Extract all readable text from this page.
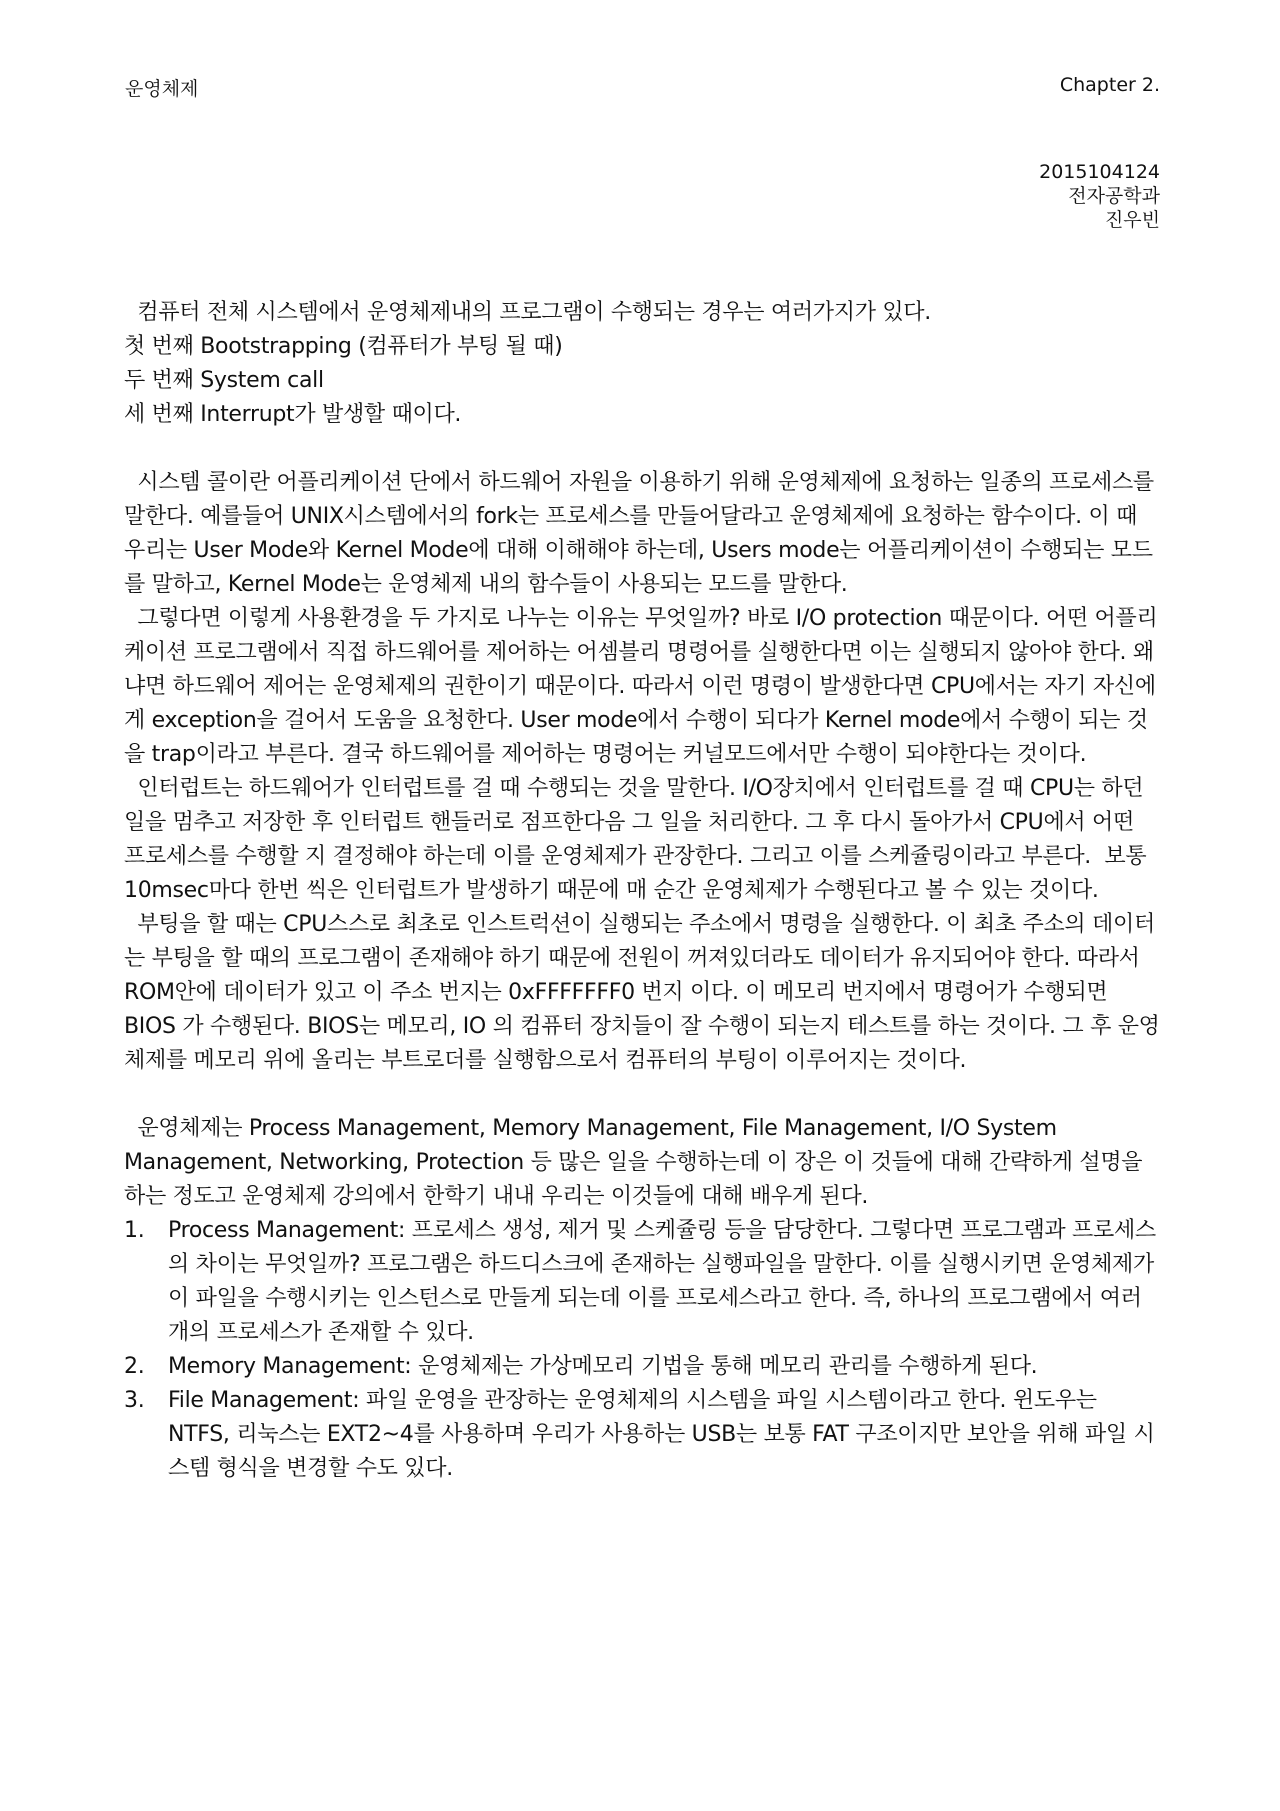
운영체제	Chapter 2.
2015104124
전자공학과
진우빈

컴퓨터 전체 시스템에서 운영체제내의 프로그램이 수행되는 경우는 여러가지가 있다.

첫 번째 Bootstrapping (컴퓨터가 부팅 될 때)

두 번째 System call

세 번째 Interrupt가 발생할 때이다.

시스템 콜이란 어플리케이션 단에서 하드웨어 자원을 이용하기 위해 운영체제에 요청하는 일종의 프로세스를 말한다. 예를들어 UNIX시스템에서의 fork는 프로세스를 만들어달라고 운영체제에 요청하는 함수이다. 이 때 우리는 User Mode와 Kernel Mode에 대해 이해해야 하는데, Users mode는 어플리케이션이 수행되는 모드를 말하고, Kernel Mode는 운영체제 내의 함수들이 사용되는 모드를 말한다.

그렇다면 이렇게 사용환경을 두 가지로 나누는 이유는 무엇일까? 바로 I/O protection 때문이다. 어떤 어플리케이션 프로그램에서 직접 하드웨어를 제어하는 어셈블리 명령어를 실행한다면 이는 실행되지 않아야 한다. 왜냐면 하드웨어 제어는 운영체제의 권한이기 때문이다. 따라서 이런 명령이 발생한다면 CPU에서는 자기 자신에게 exception을 걸어서 도움을 요청한다. User mode에서 수행이 되다가 Kernel mode에서 수행이 되는 것을 trap이라고 부른다. 결국 하드웨어를 제어하는 명령어는 커널모드에서만 수행이 되야한다는 것이다.

인터럽트는 하드웨어가 인터럽트를 걸 때 수행되는 것을 말한다. I/O장치에서 인터럽트를 걸 때 CPU는 하던일을 멈추고 저장한 후 인터럽트 핸들러로 점프한다음 그 일을 처리한다. 그 후 다시 돌아가서 CPU에서 어떤 프로세스를 수행할 지 결정해야 하는데 이를 운영체제가 관장한다. 그리고 이를 스케쥴링이라고 부른다.  보통 10msec마다 한번 씩은 인터럽트가 발생하기 때문에 매 순간 운영체제가 수행된다고 볼 수 있는 것이다.

부팅을 할 때는 CPU스스로 최초로 인스트럭션이 실행되는 주소에서 명령을 실행한다. 이 최초 주소의 데이터는 부팅을 할 때의 프로그램이 존재해야 하기 때문에 전원이 꺼져있더라도 데이터가 유지되어야 한다. 따라서 ROM안에 데이터가 있고 이 주소 번지는 0xFFFFFFF0 번지 이다. 이 메모리 번지에서 명령어가 수행되면 BIOS 가 수행된다. BIOS는 메모리, IO 의 컴퓨터 장치들이 잘 수행이 되는지 테스트를 하는 것이다. 그 후 운영체제를 메모리 위에 올리는 부트로더를 실행함으로서 컴퓨터의 부팅이 이루어지는 것이다.

운영체제는 Process Management, Memory Management, File Management, I/O System Management, Networking, Protection 등 많은 일을 수행하는데 이 장은 이 것들에 대해 간략하게 설명을 하는 정도고 운영체제 강의에서 한학기 내내 우리는 이것들에 대해 배우게 된다.

1. Process Management: 프로세스 생성, 제거 및 스케쥴링 등을 담당한다. 그렇다면 프로그램과 프로세스의 차이는 무엇일까? 프로그램은 하드디스크에 존재하는 실행파일을 말한다. 이를 실행시키면 운영체제가 이 파일을 수행시키는 인스턴스로 만들게 되는데 이를 프로세스라고 한다. 즉, 하나의 프로그램에서 여러개의 프로세스가 존재할 수 있다.
2. Memory Management: 운영체제는 가상메모리 기법을 통해 메모리 관리를 수행하게 된다.
3. File Management: 파일 운영을 관장하는 운영체제의 시스템을 파일 시스템이라고 한다. 윈도우는 NTFS, 리눅스는 EXT2~4를 사용하며 우리가 사용하는 USB는 보통 FAT 구조이지만 보안을 위해 파일 시스템 형식을 변경할 수도 있다.
